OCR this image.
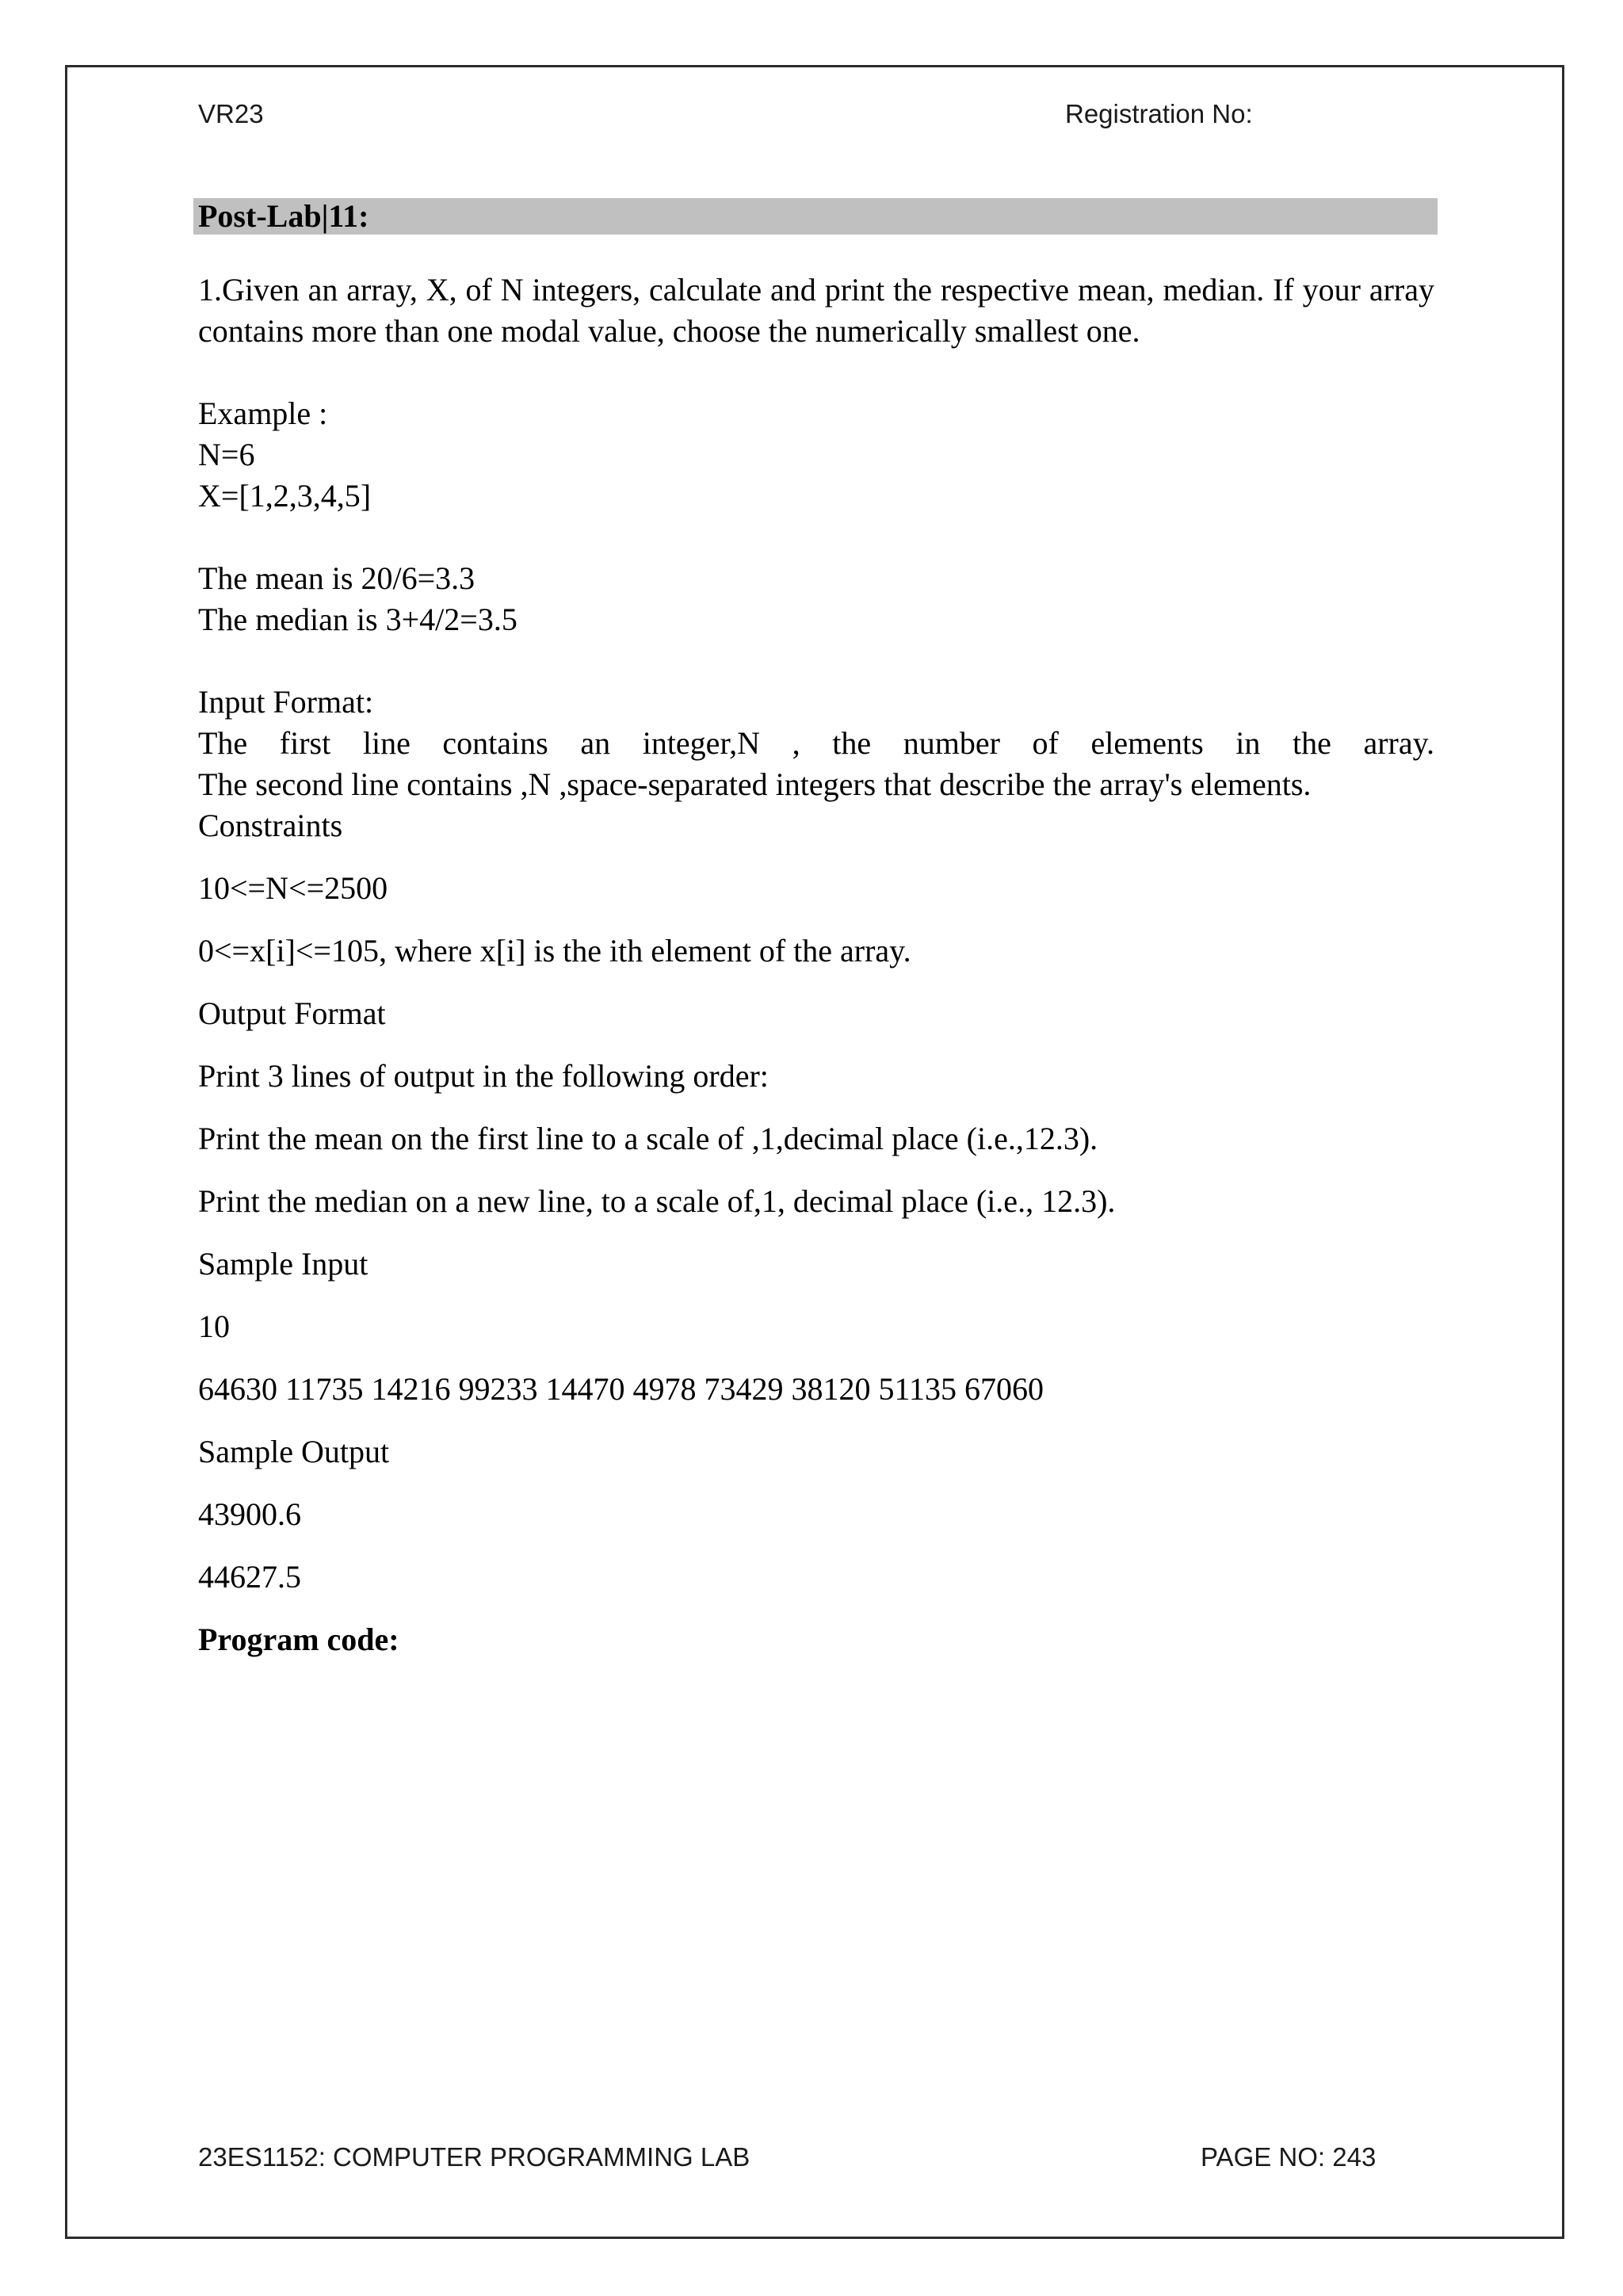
VR23	Registration No:
Post-Lab|11:

1.Given an array, X, of N integers, calculate and print the respective mean, median. If your array contains more than one modal value, choose the numerically smallest one.

Example :

N=6

X=[1,2,3,4,5]

The mean is 20/6=3.3

The median is 3+4/2=3.5

Input Format:

The first line contains an integer,N , the number of elements in the array.

The second line contains ,N ,space-separated integers that describe the array's elements.

Constraints

10<=N<=2500

0<=x[i]<=105, where x[i] is the ith element of the array.

Output Format

Print 3 lines of output in the following order:

Print the mean on the first line to a scale of ,1,decimal place (i.e.,12.3).

Print the median on a new line, to a scale of,1, decimal place (i.e., 12.3).

Sample Input

10

64630 11735 14216 99233 14470 4978 73429 38120 51135 67060

Sample Output

43900.6

44627.5

Program code:

23ES1152: COMPUTER PROGRAMMING LAB	PAGE NO: 243
